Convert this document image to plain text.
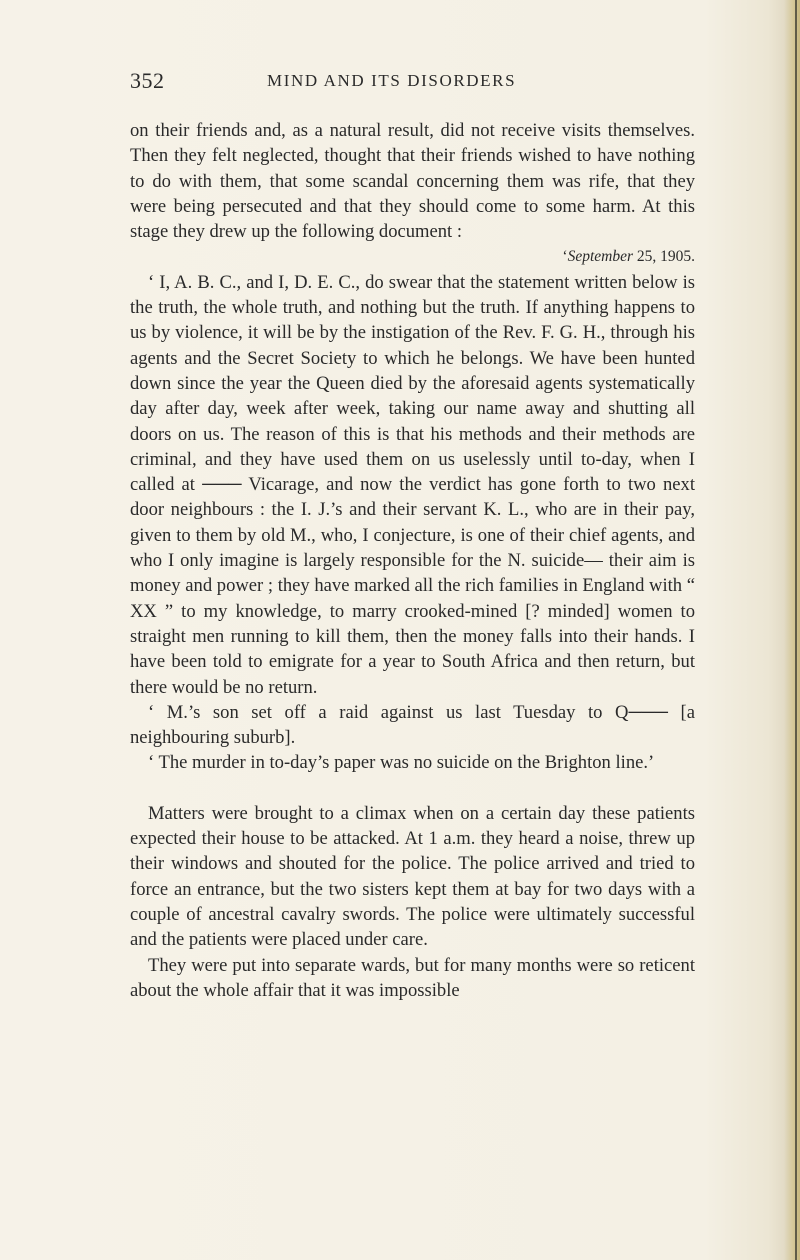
352	MIND AND ITS DISORDERS

on their friends and, as a natural result, did not receive visits themselves. Then they felt neglected, thought that their friends wished to have nothing to do with them, that some scandal concerning them was rife, that they were being persecuted and that they should come to some harm. At this stage they drew up the following document :

‘September 25, 1905.

‘ I, A. B. C., and I, D. E. C., do swear that the statement written below is the truth, the whole truth, and nothing but the truth. If anything happens to us by violence, it will be by the instigation of the Rev. F. G. H., through his agents and the Secret Society to which he belongs. We have been hunted down since the year the Queen died by the aforesaid agents systematically day after day, week after week, taking our name away and shutting all doors on us. The reason of this is that his methods and their methods are criminal, and they have used them on us uselessly until to-day, when I called at ─── Vicarage, and now the verdict has gone forth to two next door neighbours : the I. J.’s and their servant K. L., who are in their pay, given to them by old M., who, I conjecture, is one of their chief agents, and who I only imagine is largely responsible for the N. suicide— their aim is money and power ; they have marked all the rich families in England with “ XX ” to my knowledge, to marry crooked-mined [? minded] women to straight men running to kill them, then the money falls into their hands. I have been told to emigrate for a year to South Africa and then return, but there would be no return.

‘ M.’s son set off a raid against us last Tuesday to Q─── [a neighbouring suburb].

‘ The murder in to-day’s paper was no suicide on the Brighton line.’

Matters were brought to a climax when on a certain day these patients expected their house to be attacked. At 1 a.m. they heard a noise, threw up their windows and shouted for the police. The police arrived and tried to force an entrance, but the two sisters kept them at bay for two days with a couple of ancestral cavalry swords. The police were ultimately successful and the patients were placed under care.

They were put into separate wards, but for many months were so reticent about the whole affair that it was impossible
